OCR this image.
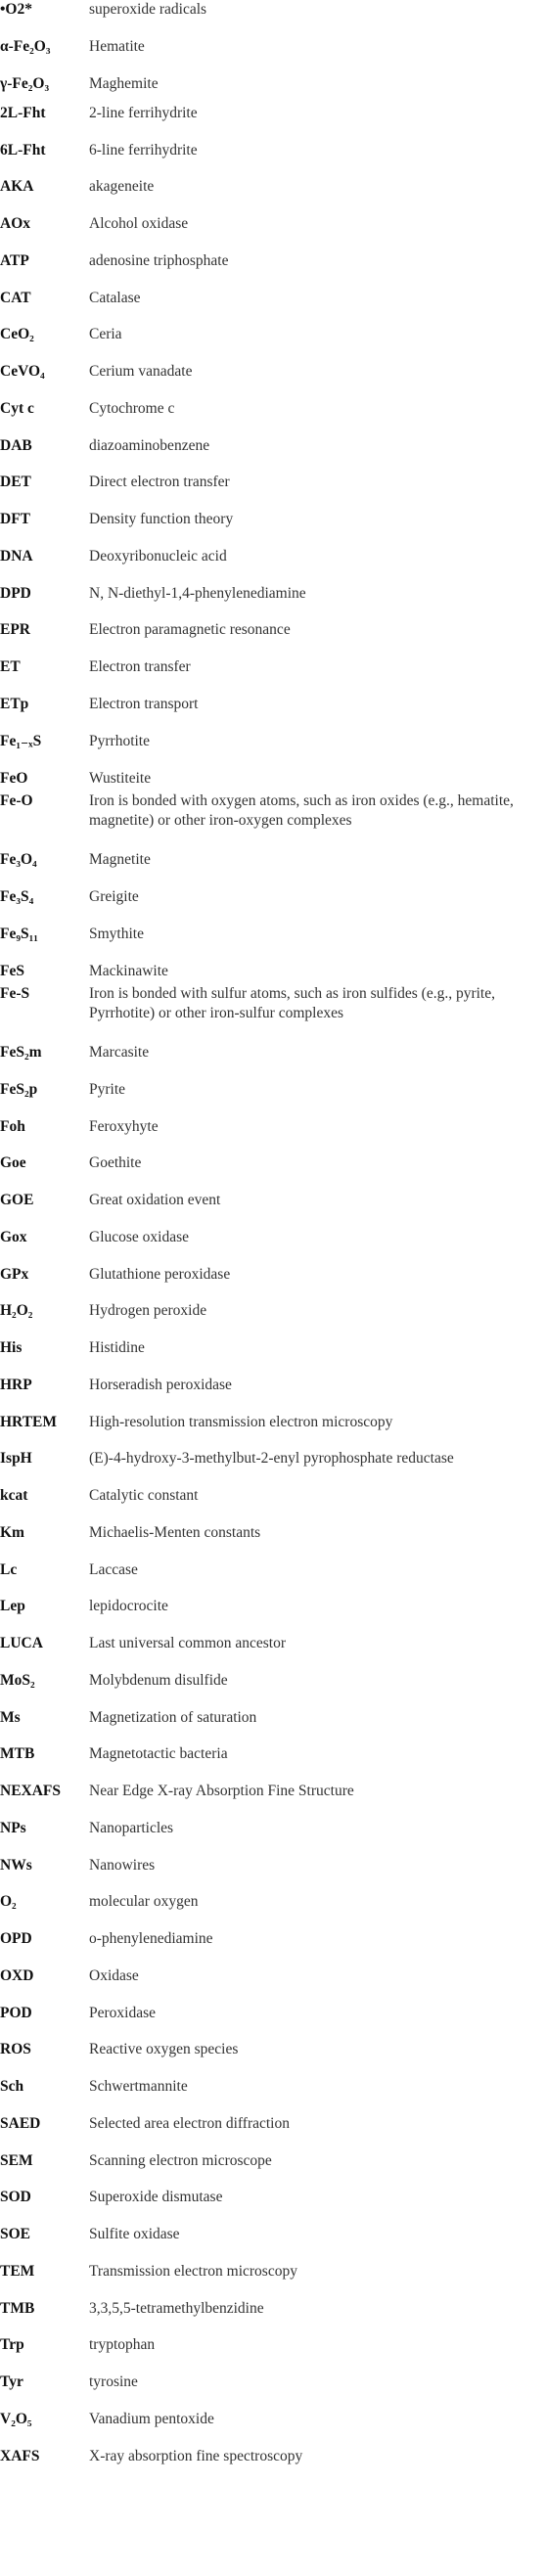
•O2*	superoxide radicals
α-Fe₂O₃	Hematite
γ-Fe₂O₃	Maghemite
2L-Fht	2-line ferrihydrite
6L-Fht	6-line ferrihydrite
AKA	akageneite
AOx	Alcohol oxidase
ATP	adenosine triphosphate
CAT	Catalase
CeO₂	Ceria
CeVO₄	Cerium vanadate
Cyt c	Cytochrome c
DAB	diazoaminobenzene
DET	Direct electron transfer
DFT	Density function theory
DNA	Deoxyribonucleic acid
DPD	N, N-diethyl-1,4-phenylenediamine
EPR	Electron paramagnetic resonance
ET	Electron transfer
ETp	Electron transport
Fe₁₋ₓS	Pyrrhotite
FeO	Wustiteite
Fe-O	Iron is bonded with oxygen atoms, such as iron oxides (e.g., hematite, magnetite) or other iron-oxygen complexes
Fe₃O₄	Magnetite
Fe₃S₄	Greigite
Fe₉S₁₁	Smythite
FeS	Mackinawite
Fe-S	Iron is bonded with sulfur atoms, such as iron sulfides (e.g., pyrite, Pyrrhotite) or other iron-sulfur complexes
FeS₂m	Marcasite
FeS₂p	Pyrite
Foh	Feroxyhyte
Goe	Goethite
GOE	Great oxidation event
Gox	Glucose oxidase
GPx	Glutathione peroxidase
H₂O₂	Hydrogen peroxide
His	Histidine
HRP	Horseradish peroxidase
HRTEM	High-resolution transmission electron microscopy
IspH	(E)-4-hydroxy-3-methylbut-2-enyl pyrophosphate reductase
kcat	Catalytic constant
Km	Michaelis-Menten constants
Lc	Laccase
Lep	lepidocrocite
LUCA	Last universal common ancestor
MoS₂	Molybdenum disulfide
Ms	Magnetization of saturation
MTB	Magnetotactic bacteria
NEXAFS	Near Edge X-ray Absorption Fine Structure
NPs	Nanoparticles
NWs	Nanowires
O₂	molecular oxygen
OPD	o-phenylenediamine
OXD	Oxidase
POD	Peroxidase
ROS	Reactive oxygen species
Sch	Schwertmannite
SAED	Selected area electron diffraction
SEM	Scanning electron microscope
SOD	Superoxide dismutase
SOE	Sulfite oxidase
TEM	Transmission electron microscopy
TMB	3,3,5,5-tetramethylbenzidine
Trp	tryptophan
Tyr	tyrosine
V₂O₅	Vanadium pentoxide
XAFS	X-ray absorption fine spectroscopy
